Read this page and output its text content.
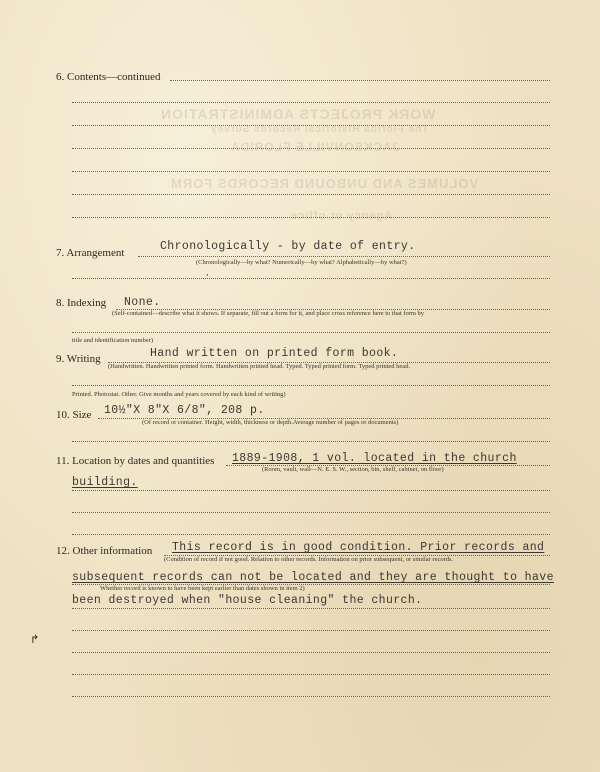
WORK PROJECTS ADMINISTRATION
The Florida Historical Records Survey
JACKSONVILLE FLORIDA
VOLUMES AND UNBOUND RECORDS FORM
Agency or office
6. Contents—continued
7. Arrangement	Chronologically - by date of entry.
(Chronologically—by what? Numerically—by what? Alphabetically—by what?)
,
8. Indexing None.
(Self-contained—describe what it shows. If separate, fill out a form for it, and place cross reference here to that form by
title and identification number)
9. Writing	Hand written on printed form book.
(Handwritten. Handwritten printed form. Handwritten printed head. Typed. Typed printed form. Typed printed head.
Printed. Photostat. Other. Give months and years covered by each kind of writing)
10. Size 10½"X 8"X 6/8", 208 p.
(Of record or container. Height, width, thickness or depth.Average number of pages or documents)
11. Location by dates and quantities 1889-1908, 1 vol. located in the church
(Room, vault, wall—N. E. S. W., section, bin, shelf, cabinet, on floor)
building.
12. Other information This record is in good condition. Prior records and
(Condition of record if not good. Relation to other records. Information on prior subsequent, or similar records.
subsequent records can not be located and they are thought to have
Whether record is known to have been kept earlier than dates shown in item 2)
been destroyed when "house cleaning" the church.
↱
